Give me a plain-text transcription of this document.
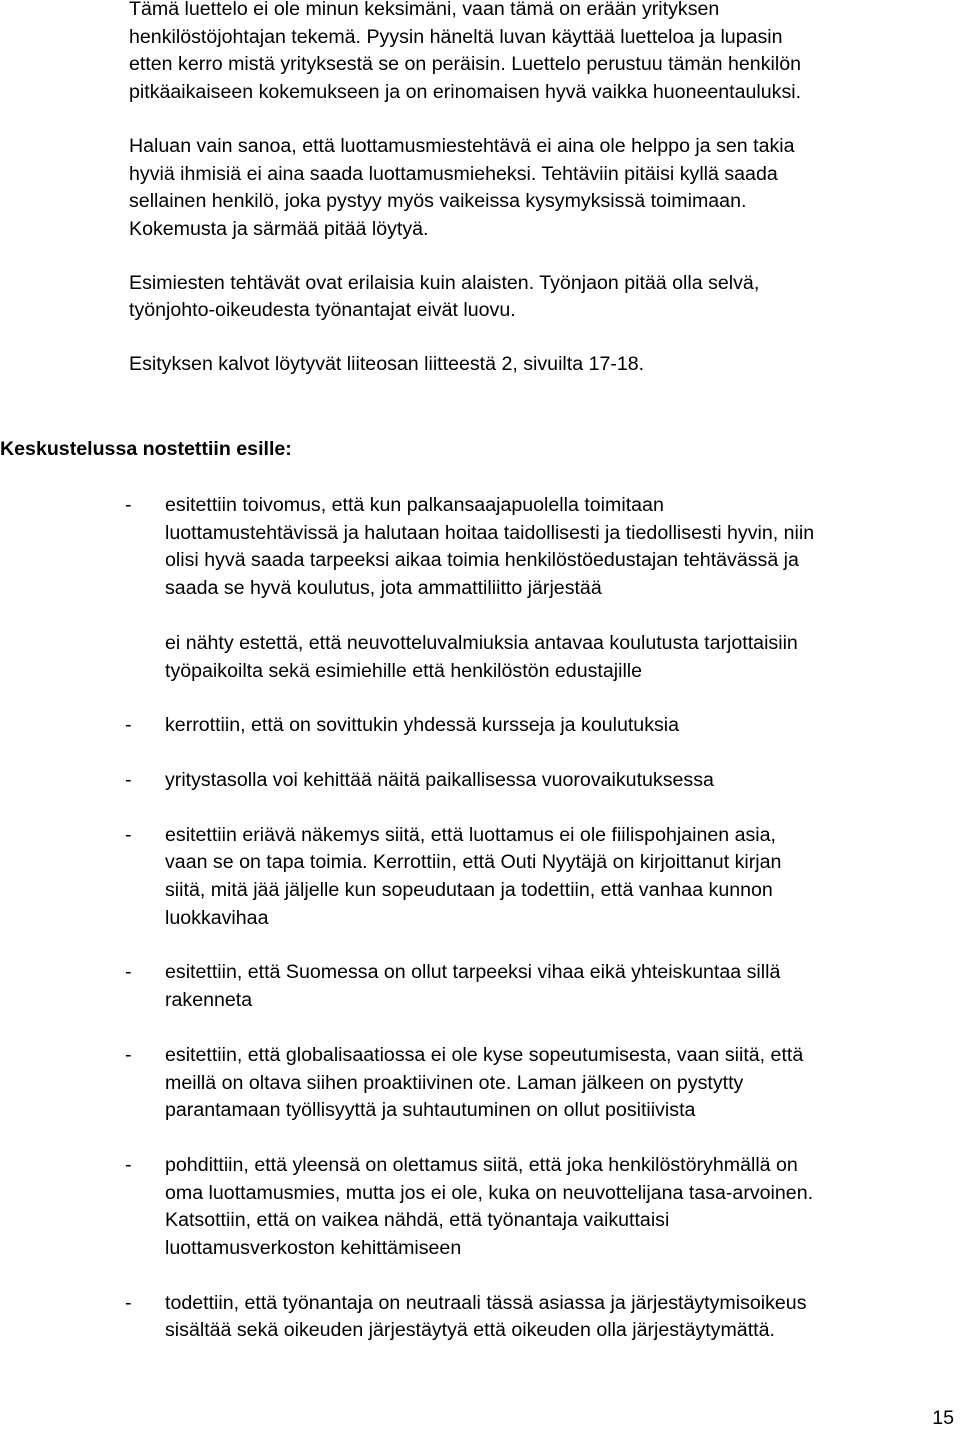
Tämä luettelo ei ole minun keksimäni, vaan tämä on erään yrityksen
henkilöstöjohtajan tekemä. Pyysin häneltä luvan käyttää luetteloa ja lupasin
etten kerro mistä yrityksestä se on peräisin. Luettelo perustuu tämän henkilön
pitkäaikaiseen kokemukseen ja on erinomaisen hyvä vaikka huoneentauluksi.

Haluan vain sanoa, että luottamusmiestehtävä ei aina ole helppo ja sen takia
hyviä ihmisiä ei aina saada luottamusmieheksi. Tehtäviin pitäisi kyllä saada
sellainen henkilö, joka pystyy myös vaikeissa kysymyksissä toimimaan.
Kokemusta ja särmää pitää löytyä.

Esimiesten tehtävät ovat erilaisia kuin alaisten. Työnjaon pitää olla selvä,
työnjohto-oikeudesta työnantajat eivät luovu.

Esityksen kalvot löytyvät liiteosan liitteestä 2, sivuilta 17-18.

Keskustelussa nostettiin esille:
- esitettiin toivomus, että kun palkansaajapuolella toimitaan
luottamustehtävissä ja halutaan hoitaa taidollisesti ja tiedollisesti hyvin, niin
olisi hyvä saada tarpeeksi aikaa toimia henkilöstöedustajan tehtävässä ja
saada se hyvä koulutus, jota ammattiliitto järjestää
ei nähty estettä, että neuvotteluvalmiuksia antavaa koulutusta tarjottaisiin
työpaikoilta sekä esimiehille että henkilöstön edustajille
- kerrottiin, että on sovittukin yhdessä kursseja ja koulutuksia
- yritystasolla voi kehittää näitä paikallisessa vuorovaikutuksessa
- esitettiin eriävä näkemys siitä, että luottamus ei ole fiilispohjainen asia,
vaan se on tapa toimia. Kerrottiin, että Outi Nyytäjä on kirjoittanut kirjan
siitä, mitä jää jäljelle kun sopeudutaan ja todettiin, että vanhaa kunnon
luokkavihaa
- esitettiin, että Suomessa on ollut tarpeeksi vihaa eikä yhteiskuntaa sillä
rakenneta
- esitettiin, että globalisaatiossa ei ole kyse sopeutumisesta, vaan siitä, että
meillä on oltava siihen proaktiivinen ote. Laman jälkeen on pystytty
parantamaan työllisyyttä ja suhtautuminen on ollut positiivista
- pohdittiin, että yleensä on olettamus siitä, että joka henkilöstöryhmällä on
oma luottamusmies, mutta jos ei ole, kuka on neuvottelijana tasa-arvoinen.
Katsottiin, että on vaikea nähdä, että työnantaja vaikuttaisi
luottamusverkoston kehittämiseen
- todettiin, että työnantaja on neutraali tässä asiassa ja järjestäytymisoikeus
sisältää sekä oikeuden järjestäytyä että oikeuden olla järjestäytymättä.
15
